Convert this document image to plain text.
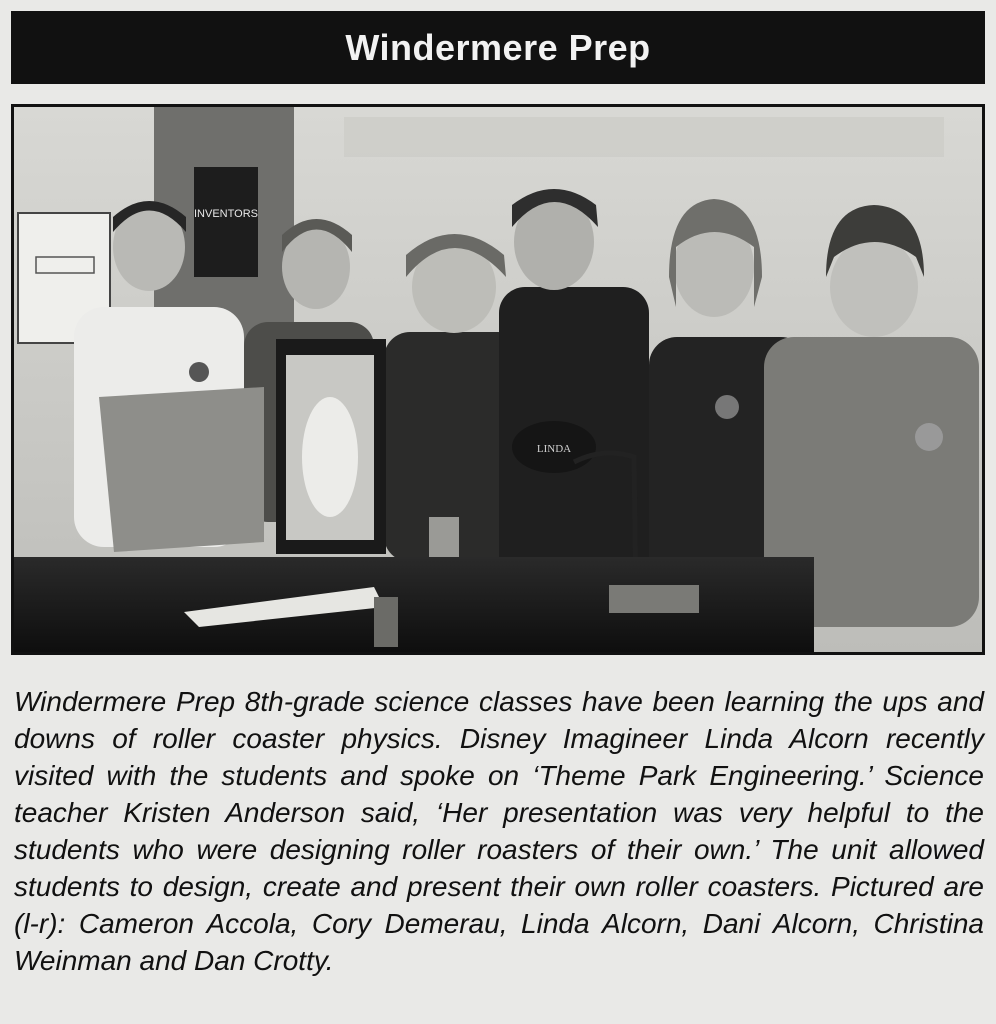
Windermere Prep
INVENTORS
LINDA

Windermere Prep 8th-grade science classes have been learning the ups and downs of roller coaster physics. Disney Imagineer Linda Alcorn recently visited with the students and spoke on ‘Theme Park Engineering.’ Science teacher Kristen Anderson said, ‘Her presentation was very helpful to the students who were designing roller roasters of their own.’ The unit allowed students to design, create and present their own roller coasters. Pictured are (l-r): Cameron Accola, Cory Demerau, Linda Alcorn, Dani Alcorn, Christina Weinman and Dan Crotty.
